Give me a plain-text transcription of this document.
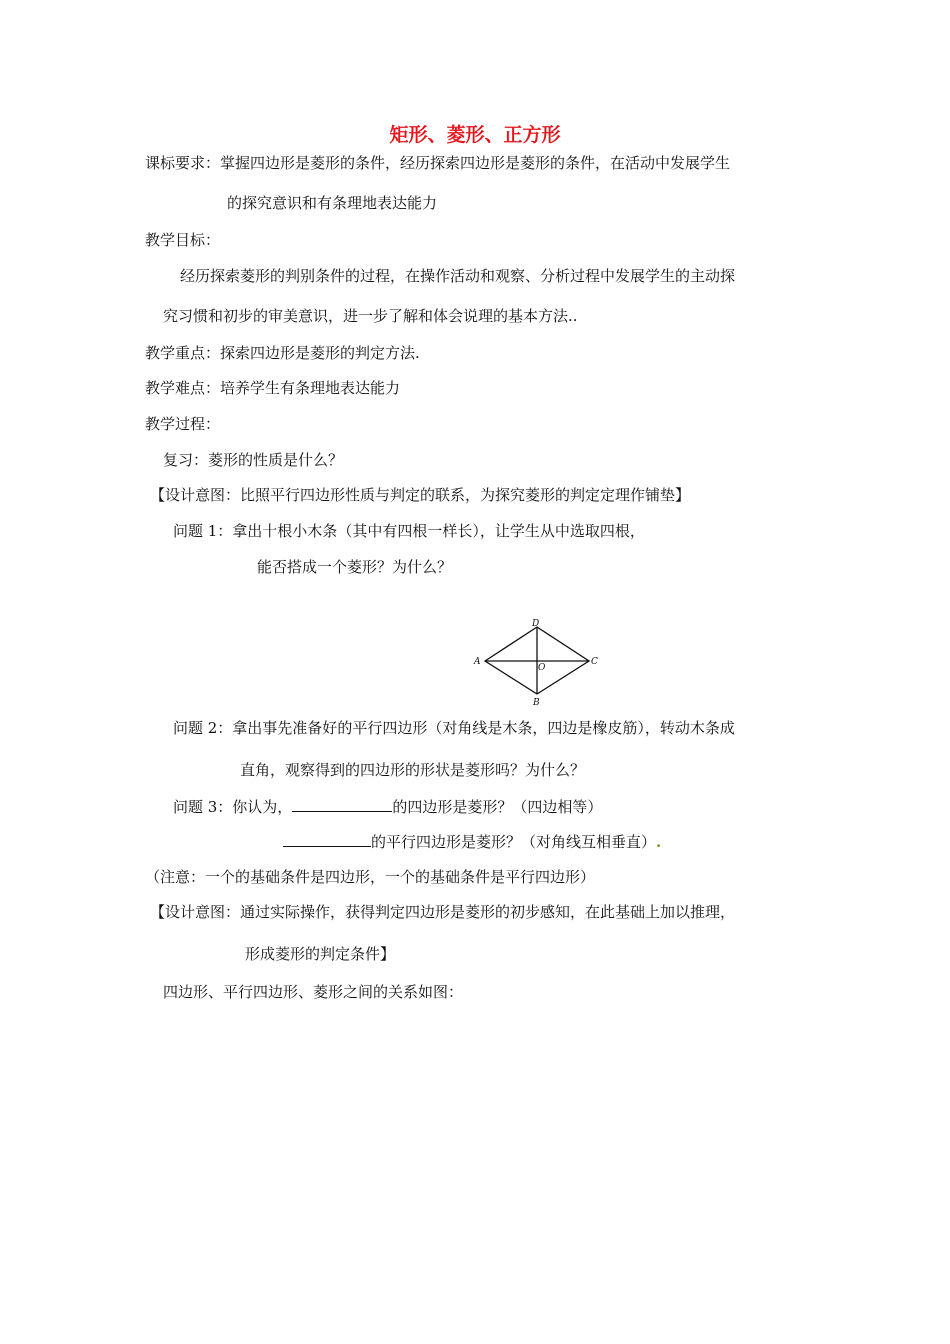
矩形、菱形、正方形
课标要求：掌握四边形是菱形的条件，经历探索四边形是菱形的条件，在活动中发展学生
的探究意识和有条理地表达能力
教学目标：
经历探索菱形的判别条件的过程，在操作活动和观察、分析过程中发展学生的主动探
究习惯和初步的审美意识，进一步了解和体会说理的基本方法..
教学重点：探索四边形是菱形的判定方法.
教学难点：培养学生有条理地表达能力
教学过程：
复习：菱形的性质是什么？
【设计意图：比照平行四边形性质与判定的联系，为探究菱形的判定定理作铺垫】
问题 1：拿出十根小木条（其中有四根一样长），让学生从中选取四根，
能否搭成一个菱形？为什么？
D
A	C
B
O
问题 2：拿出事先准备好的平行四边形（对角线是木条，四边是橡皮筋），转动木条成
直角，观察得到的四边形的形状是菱形吗？为什么？
问题 3：你认为，	的四边形是菱形？（四边相等）
的平行四边形是菱形？（对角线互相垂直）.
（注意：一个的基础条件是四边形，一个的基础条件是平行四边形）
【设计意图：通过实际操作，获得判定四边形是菱形的初步感知，在此基础上加以推理，
形成菱形的判定条件】
四边形、平行四边形、菱形之间的关系如图：
